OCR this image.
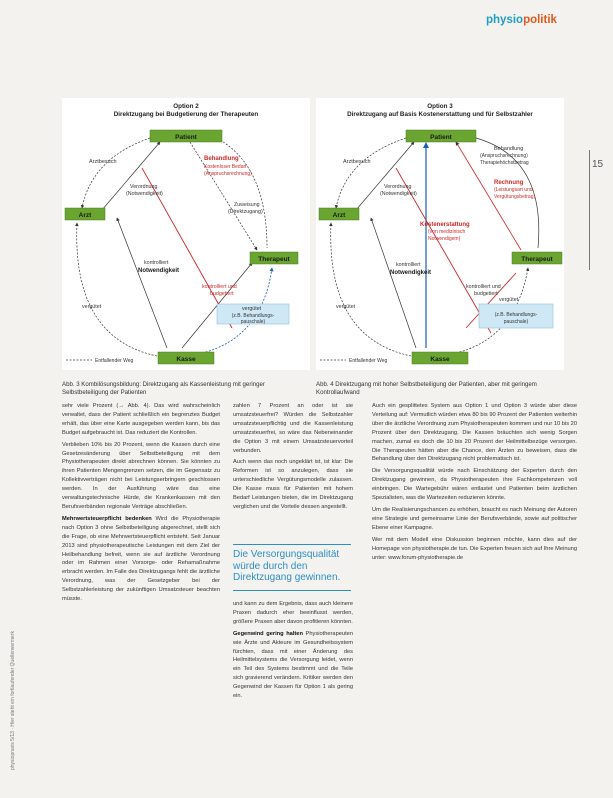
physiopolitik
15
Option 2
Direktzugang bei Budgetierung der Therapeuten
Patient
Arzt
Therapeut
Kasse
Arztbesuch	Behandlung
Kostenloser Bedarf
(Anspruchsrechnung)
Verordnung
(Notwendigkeit)
Zuweisung
(Direktzugang)
kontrolliert
Notwendigkeit
kontrolliert und
budgetiert
vergütet	vergütet
(z.B. Behandlungs-
pauschale)
Entfallender Weg
Option 3
Direktzugang auf Basis Kostenerstattung und für Selbstzahler
Patient
Arzt
Therapeut
Kasse
Arztbesuch
Behandlung
(Anspruchsrechnung)
Therapiehöchstbetrag
Rechnung
(Leistungsart und
Vergütungsbetrag)
Kostenerstattung
(von medizinisch
Notwendigem)
Verordnung
(Notwendigkeit)
kontrolliert
Notwendigkeit
kontrolliert und
budgetiert
vergütet
vergütet
(z.B. Behandlungs-
pauschale)
Entfallender Weg
Abb. 3 Kombilösungsbildung: Direktzugang als Kassenleistung mit geringer Selbstbeteiligung der Patienten
Abb. 4 Direktzugang mit hoher Selbstbeteiligung der Patienten, aber mit geringem Kontrollaufwand

sehr viele Prozent (→ Abb. 4). Das wird wahrscheinlich verwaltet, dass der Patient schließlich ein begrenztes Budget erhält, das über eine Karte ausgegeben werden kann, bis das Budget aufgebraucht ist. Das reduziert die Kontrollen.

Verblieben 10% bis 20 Prozent, wenn die Kassen durch eine Gesetzesänderung über Selbstbeteiligung mit dem Physiotherapeuten direkt abrechnen können. Sie könnten zu ihren Patienten Mengengrenzen setzen, die im Gegensatz zu Kollektivverträgen nicht bei Leistungserbringern geschlossen werden. In der Ausführung wäre das eine verwaltungstechnische Hürde, die Krankenkassen mit den Berufsverbänden regionale Verträge abschließen.

Mehrwertsteuerpflicht bedenken Wird die Physiotherapie nach Option 3 ohne Selbstbeteiligung abgerechnet, stellt sich die Frage, ob eine Mehrwertsteuerpflicht entsteht. Seit Januar 2013 sind physiotherapeutische Leistungen mit dem Ziel der Heilbehandlung befreit, wenn sie auf ärztliche Verordnung oder im Rahmen einer Vorsorge- oder Rehamaßnahme erbracht werden. Im Falle des Direktzugangs fehlt die ärztliche Verordnung, was der Gesetzgeber bei der Selbstzahlerleistung der zukünftigen Umsatzsteuer beachten müsste.

zahlen 7 Prozent an oder ist sie umsatzsteuerfrei? Würden die Selbstzahler umsatzsteuerpflichtig und die Kassenleistung umsatzsteuerfrei, so wäre das Nebeneinander die Option 3 mit einem Umsatzsteuervorteil verbunden.

Auch wenn das noch ungeklärt ist, ist klar: Die Reformen ist so anzulegen, dass sie unterschiedliche Vergütungsmodelle zulassen. Die Kasse muss für Patienten mit hohem Bedarf Leistungen bieten, die im Direktzugang verglichen und die Vorteile dessen angestellt.

Die Versorgungsqualität würde durch den Direktzugang gewinnen.

und kann zu dem Ergebnis, dass auch kleinere Praxen dadurch eher beeinflusst werden, größere Praxen aber davon profitieren könnten.

Gegenwind gering halten Physiotherapeuten wie Ärzte und Akteure im Gesundheitssystem fürchten, dass mit einer Änderung des Heilmittelsystems die Versorgung leidet, wenn ein Teil des Systems bestimmt und die Teile sich gravierend verändern. Kritiker werden den Gegenwind der Kassen für Option 1 als gering ein.

Auch ein gesplittetes System aus Option 1 und Option 3 würde aber diese Verteilung auf: Vermutlich würden etwa 80 bis 90 Prozent der Patienten weiterhin über die ärztliche Verordnung zum Physiotherapeuten kommen und nur 10 bis 20 Prozent über den Direktzugang. Die Kassen bräuchten sich wenig Sorgen machen, zumal es doch die 10 bis 20 Prozent der Heilmittelbezüge versorgen. Die Therapeuten hätten aber die Chance, den Ärzten zu beweisen, dass die Behandlung über den Direktzugang nicht problematisch ist.

Die Versorgungsqualität würde nach Einschätzung der Experten durch den Direktzugang gewinnen, da Physiotherapeuten ihre Fachkompetenzen voll einbringen. Die Wartegebühr wären entlastet und Patienten beim ärztlichen Spezialisten, was die Wartezeiten reduzieren könnte.

Um die Realisierungschancen zu erhöhen, braucht es nach Meinung der Autoren eine Strategie und gemeinsame Linie der Berufsverbände, sowie auf politischer Ebene einer Kampagne.

Wer mit dem Modell eine Diskussion beginnen möchte, kann dies auf der Homepage von physiotherapie.de tun. Die Experten freuen sich auf Ihre Meinung unter: www.forum-physiotherapie.de

physiopraxis 5/13 · Hier steht ein fortlaufender Quellenvermerk
